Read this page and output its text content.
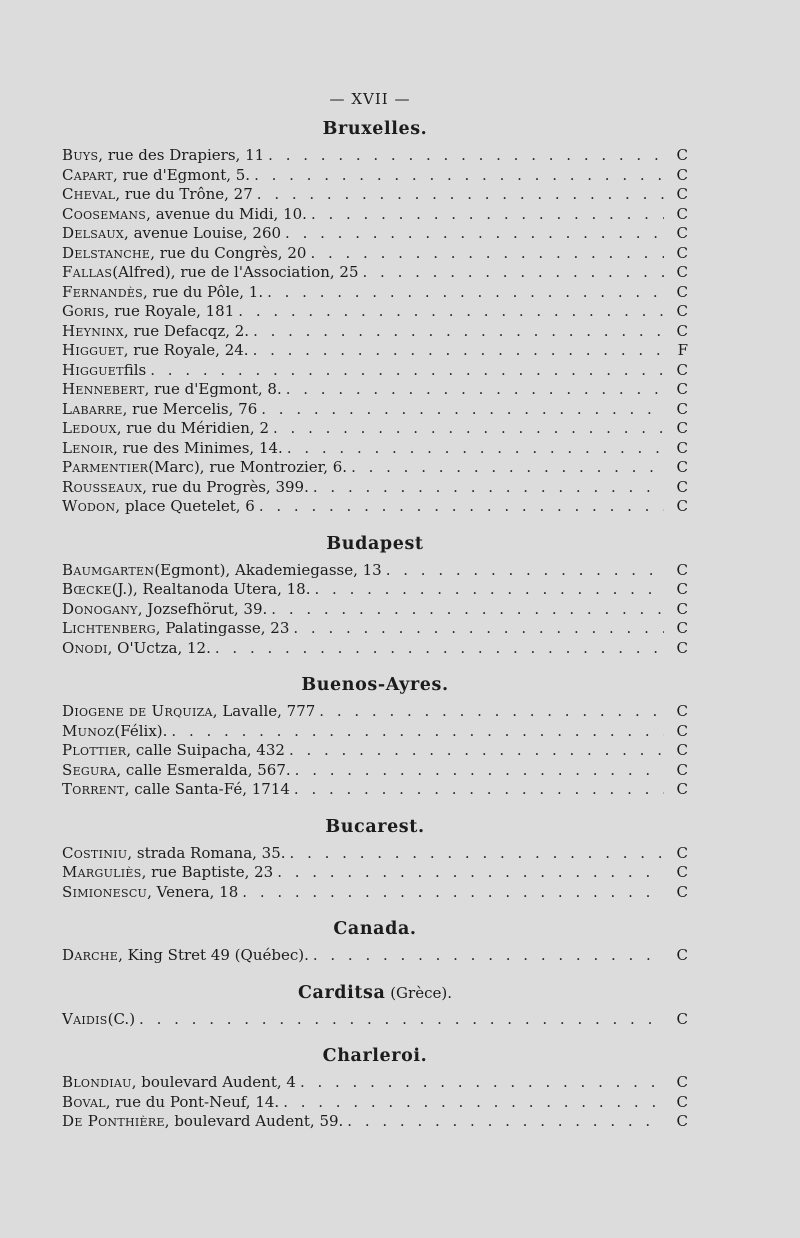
— XVII —
Bruxelles.
Buys , rue des Drapiers, 11 . . .	C
Capart , rue d'Egmont, 5. . . .	C
Cheval , rue du Trône, 27 . . .	C
Coosemans , avenue du Midi, 10. . . .	C
Delsaux , avenue Louise, 260 . . .	C
Delstanche , rue du Congrès, 20 . . .	C
Fallas (Alfred), rue de l'Association, 25 . . .	C
Fernandès , rue du Pôle, 1. . . .	C
Goris , rue Royale, 181 . . .	C
Heyninx , rue Defacqz, 2. . . .	C
Higguet , rue Royale, 24. . . .	F
Higguet fils . . .	C
Hennebert , rue d'Egmont, 8. . . .	C
Labarre , rue Mercelis, 76 . . .	C
Ledoux , rue du Méridien, 2 . . .	C
Lenoir , rue des Minimes, 14. . . .	C
Parmentier (Marc), rue Montrozier, 6. . . .	C
Rousseaux , rue du Progrès, 399. . . .	C
Wodon , place Quetelet, 6 . . .	C
Budapest
Baumgarten (Egmont), Akademiegasse, 13 . . .	C
Bœcke (J.), Realtanoda Utera, 18. . . .	C
Donogany , Jozsefhörut, 39. . . .	C
Lichtenberg , Palatingasse, 23 . . .	C
Onodi , O'Uctza, 12. . . .	C
Buenos-Ayres.
Diogene de Urquiza , Lavalle, 777 . . .	C
Munoz (Félix). . . .	C
Plottier , calle Suipacha, 432 . . .	C
Segura , calle Esmeralda, 567. . . .	C
Torrent , calle Santa-Fé, 1714 . . .	C
Bucarest.
Costiniu , strada Romana, 35. . . .	C
Marguliès , rue Baptiste, 23 . . .	C
Simionescu , Venera, 18 . . .	C
Canada.
Darche , King Stret 49 (Québec). . . .	C
Carditsa (Grèce).
Vaidis (C.) . . .	C
Charleroi.
Blondiau , boulevard Audent, 4 . . .	C
Boval , rue du Pont-Neuf, 14. . . .	C
De Ponthière , boulevard Audent, 59. . . .	C
